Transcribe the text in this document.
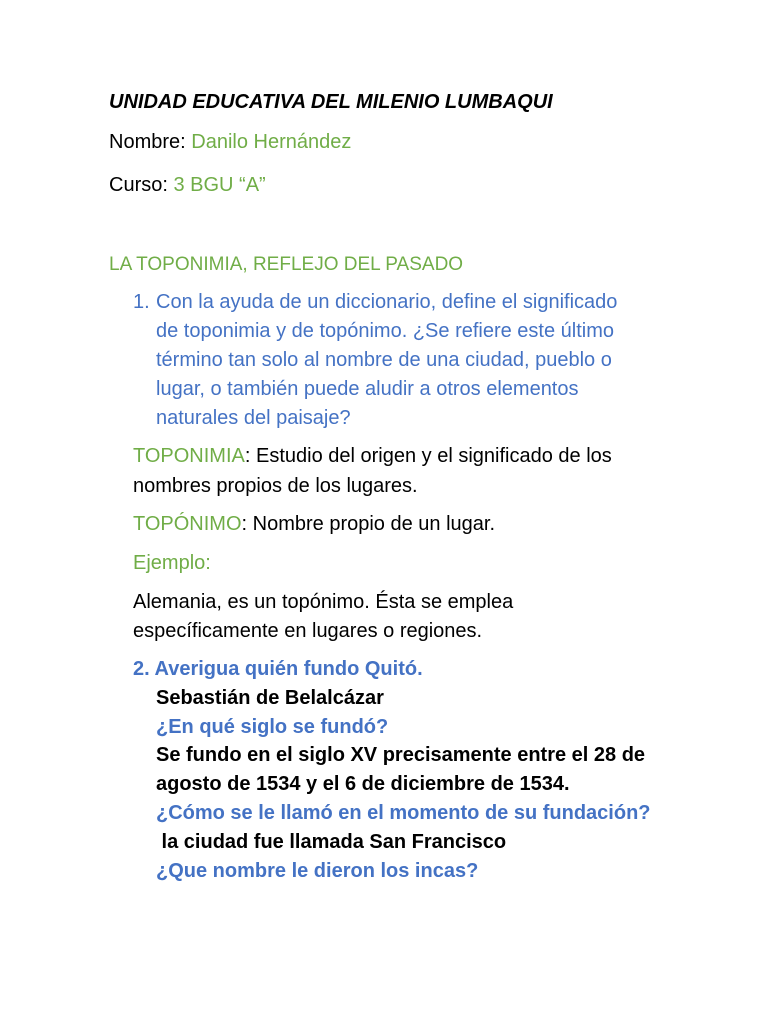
UNIDAD EDUCATIVA DEL MILENIO LUMBAQUI
Nombre: Danilo Hernández
Curso: 3 BGU “A”
LA TOPONIMIA, REFLEJO DEL PASADO
1. Con la ayuda de un diccionario, define el significado
de toponimia y de topónimo. ¿Se refiere este último
término tan solo al nombre de una ciudad, pueblo o
lugar, o también puede aludir a otros elementos
naturales del paisaje?
TOPONIMIA: Estudio del origen y el significado de los
nombres propios de los lugares.
TOPÓNIMO: Nombre propio de un lugar.
Ejemplo:
Alemania, es un topónimo. Ésta se emplea
específicamente en lugares o regiones.
2. Averigua quién fundo Quitó.
Sebastián de Belalcázar
¿En qué siglo se fundó?
Se fundo en el siglo XV precisamente entre el 28 de
agosto de 1534 y el 6 de diciembre de 1534.
¿Cómo se le llamó en el momento de su fundación?
la ciudad fue llamada San Francisco
¿Que nombre le dieron los incas?
